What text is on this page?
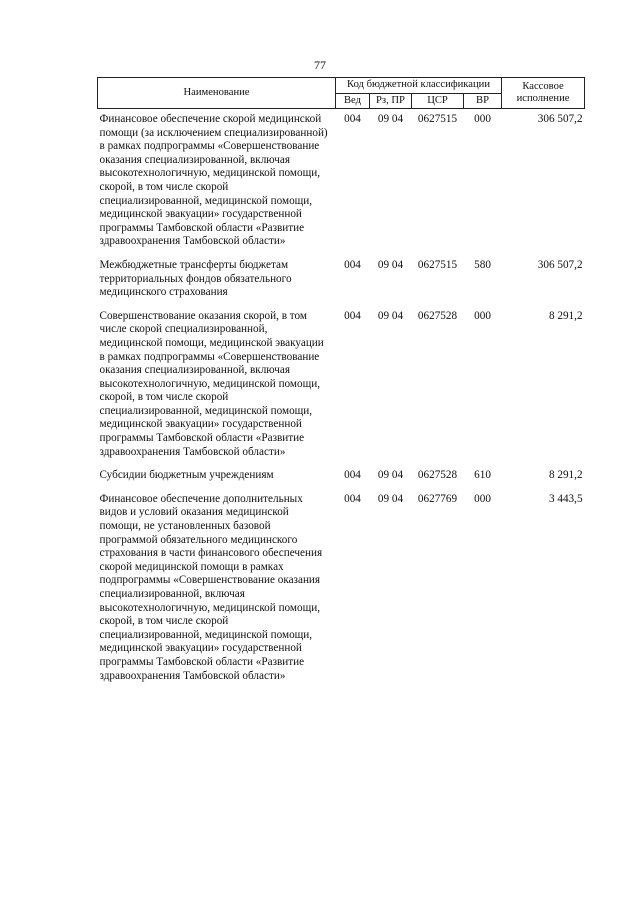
77
Наименование	Код бюджетной классификации				Кассовое исполнение
	Вед	Рз, ПР	ЦСР	ВР	
Финансовое обеспечение скорой медицинской помощи (за исключением специализированной) в рамках подпрограммы «Совершенствование оказания специализированной, включая высокотехнологичную, медицинской помощи, скорой, в том числе скорой специализированной, медицинской помощи, медицинской эвакуации» государственной программы Тамбовской области «Развитие здравоохранения Тамбовской области»	004	09 04	0627515	000	306 507,2
Межбюджетные трансферты бюджетам территориальных фондов обязательного медицинского страхования	004	09 04	0627515	580	306 507,2
Совершенствование оказания скорой, в том числе скорой специализированной, медицинской помощи, медицинской эвакуации в рамках подпрограммы «Совершенствование оказания специализированной, включая высокотехнологичную, медицинской помощи, скорой, в том числе скорой специализированной, медицинской помощи, медицинской эвакуации» государственной программы Тамбовской области «Развитие здравоохранения Тамбовской области»	004	09 04	0627528	000	8 291,2
Субсидии бюджетным учреждениям	004	09 04	0627528	610	8 291,2
Финансовое обеспечение дополнительных видов и условий оказания медицинской помощи, не установленных базовой программой обязательного медицинского страхования в части финансового обеспечения скорой медицинской помощи в рамках подпрограммы «Совершенствование оказания специализированной, включая высокотехнологичную, медицинской помощи, скорой, в том числе скорой специализированной, медицинской помощи, медицинской эвакуации» государственной программы Тамбовской области «Развитие здравоохранения Тамбовской области»	004	09 04	0627769	000	3 443,5
